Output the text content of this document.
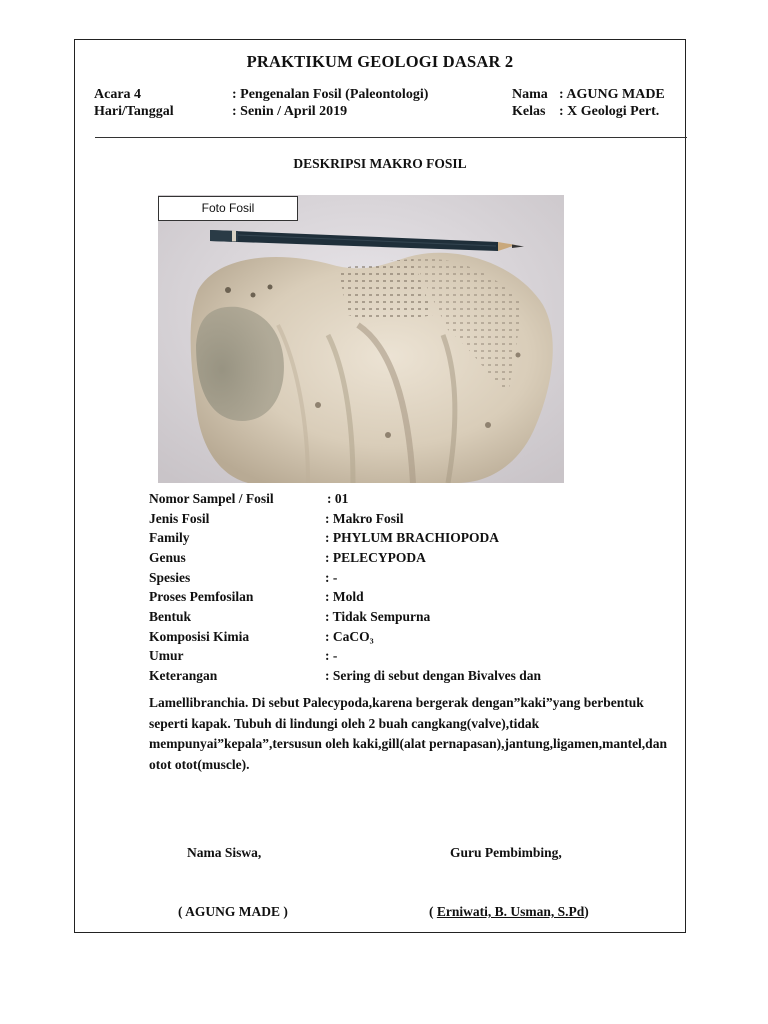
PRAKTIKUM GEOLOGI DASAR 2
Acara 4	: Pengenalan Fosil (Paleontologi)	Nama : AGUNG MADE
Hari/Tanggal	: Senin / April 2019	Kelas : X Geologi Pert.
DESKRIPSI MAKRO FOSIL
Foto Fosil
Nomor Sampel / Fosil	: 01
Jenis Fosil	: Makro Fosil
Family	: PHYLUM BRACHIOPODA
Genus	: PELECYPODA
Spesies	: -
Proses Pemfosilan	: Mold
Bentuk	: Tidak Sempurna
Komposisi Kimia	: CaCO₃
Umur	: -
Keterangan	: Sering di sebut dengan Bivalves dan
Lamellibranchia. Di sebut Palecypoda,karena bergerak dengan”kaki”yang berbentuk seperti kapak. Tubuh di lindungi oleh 2 buah cangkang(valve),tidak mempunyai”kepala”,tersusun oleh kaki,gill(alat pernapasan),jantung,ligamen,mantel,dan otot otot(muscle).
Nama Siswa,	Guru Pembimbing,
( AGUNG MADE )	( Erniwati, B. Usman, S.Pd)
